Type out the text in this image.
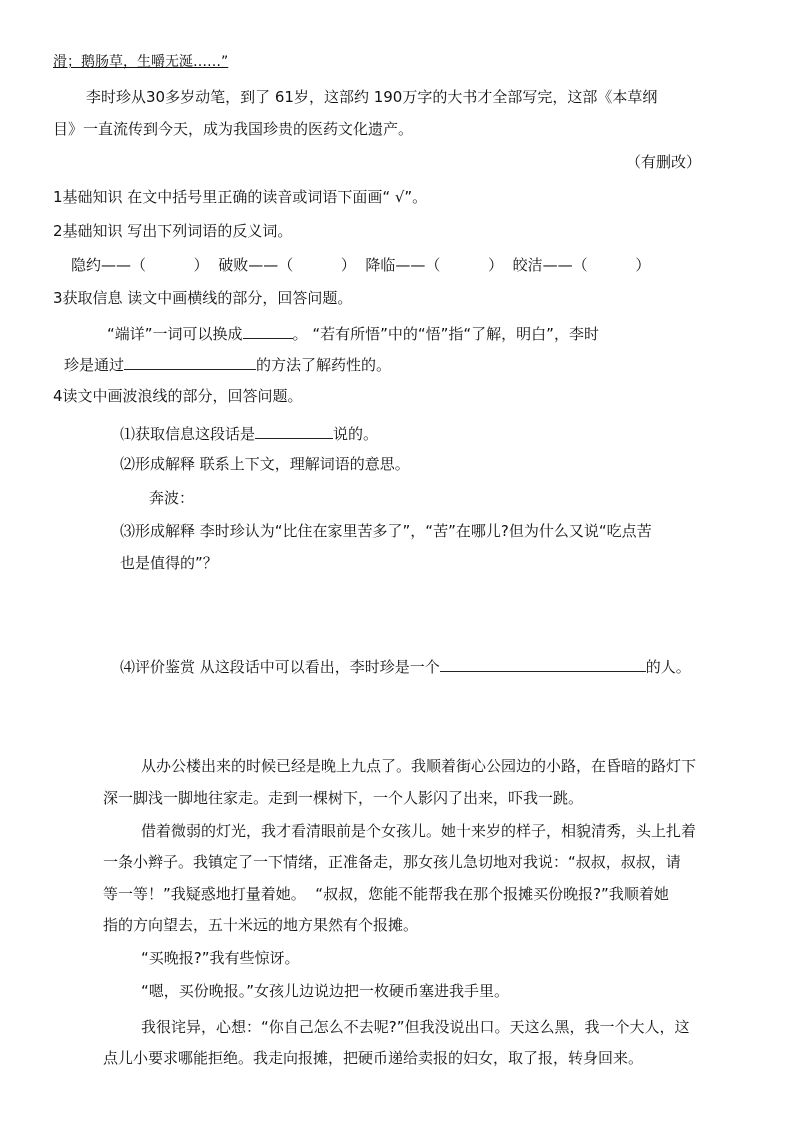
滑；鹅肠草，生嚼无涎……”
李时珍从30多岁动笔，到了 61岁，这部约 190万字的大书才全部写完，这部《本草纲
目》一直流传到今天，成为我国珍贵的医药文化遗产。
（有删改）
1基础知识 在文中括号里正确的读音或词语下面画“ √”。
2基础知识 写出下列词语的反义词。
隐约——（          ）  破败——（          ）  降临——（          ）  皎洁——（          ）
3获取信息 读文中画横线的部分，回答问题。
“端详”一词可以换成	。 “若有所悟”中的“悟”指“了解，明白”，李时
珍是通过	的方法了解药性的。
4读文中画波浪线的部分，回答问题。
⑴获取信息这段话是	说的。
⑵形成解释 联系上下文，理解词语的意思。
奔波：
⑶形成解释 李时珍认为“比住在家里苦多了”，“苦”在哪儿?但为什么又说“吃点苦
也是值得的”？
⑷评价鉴赏 从这段话中可以看出，李时珍是一个	的人。
从办公楼出来的时候已经是晚上九点了。我顺着街心公园边的小路，在昏暗的路灯下
深一脚浅一脚地往家走。走到一棵树下，一个人影闪了出来，吓我一跳。
借着微弱的灯光，我才看清眼前是个女孩儿。她十来岁的样子，相貌清秀，头上扎着
一条小辫子。我镇定了一下情绪，正准备走，那女孩儿急切地对我说：“叔叔，叔叔，请
等一等！”我疑惑地打量着她。  “叔叔，您能不能帮我在那个报摊买份晚报?”我顺着她
指的方向望去，五十米远的地方果然有个报摊。
“买晚报?”我有些惊讶。
“嗯，买份晚报。”女孩儿边说边把一枚硬币塞进我手里。
我很诧异，心想：“你自己怎么不去呢?”但我没说出口。天这么黑，我一个大人，这
点儿小要求哪能拒绝。我走向报摊，把硬币递给卖报的妇女，取了报，转身回来。
